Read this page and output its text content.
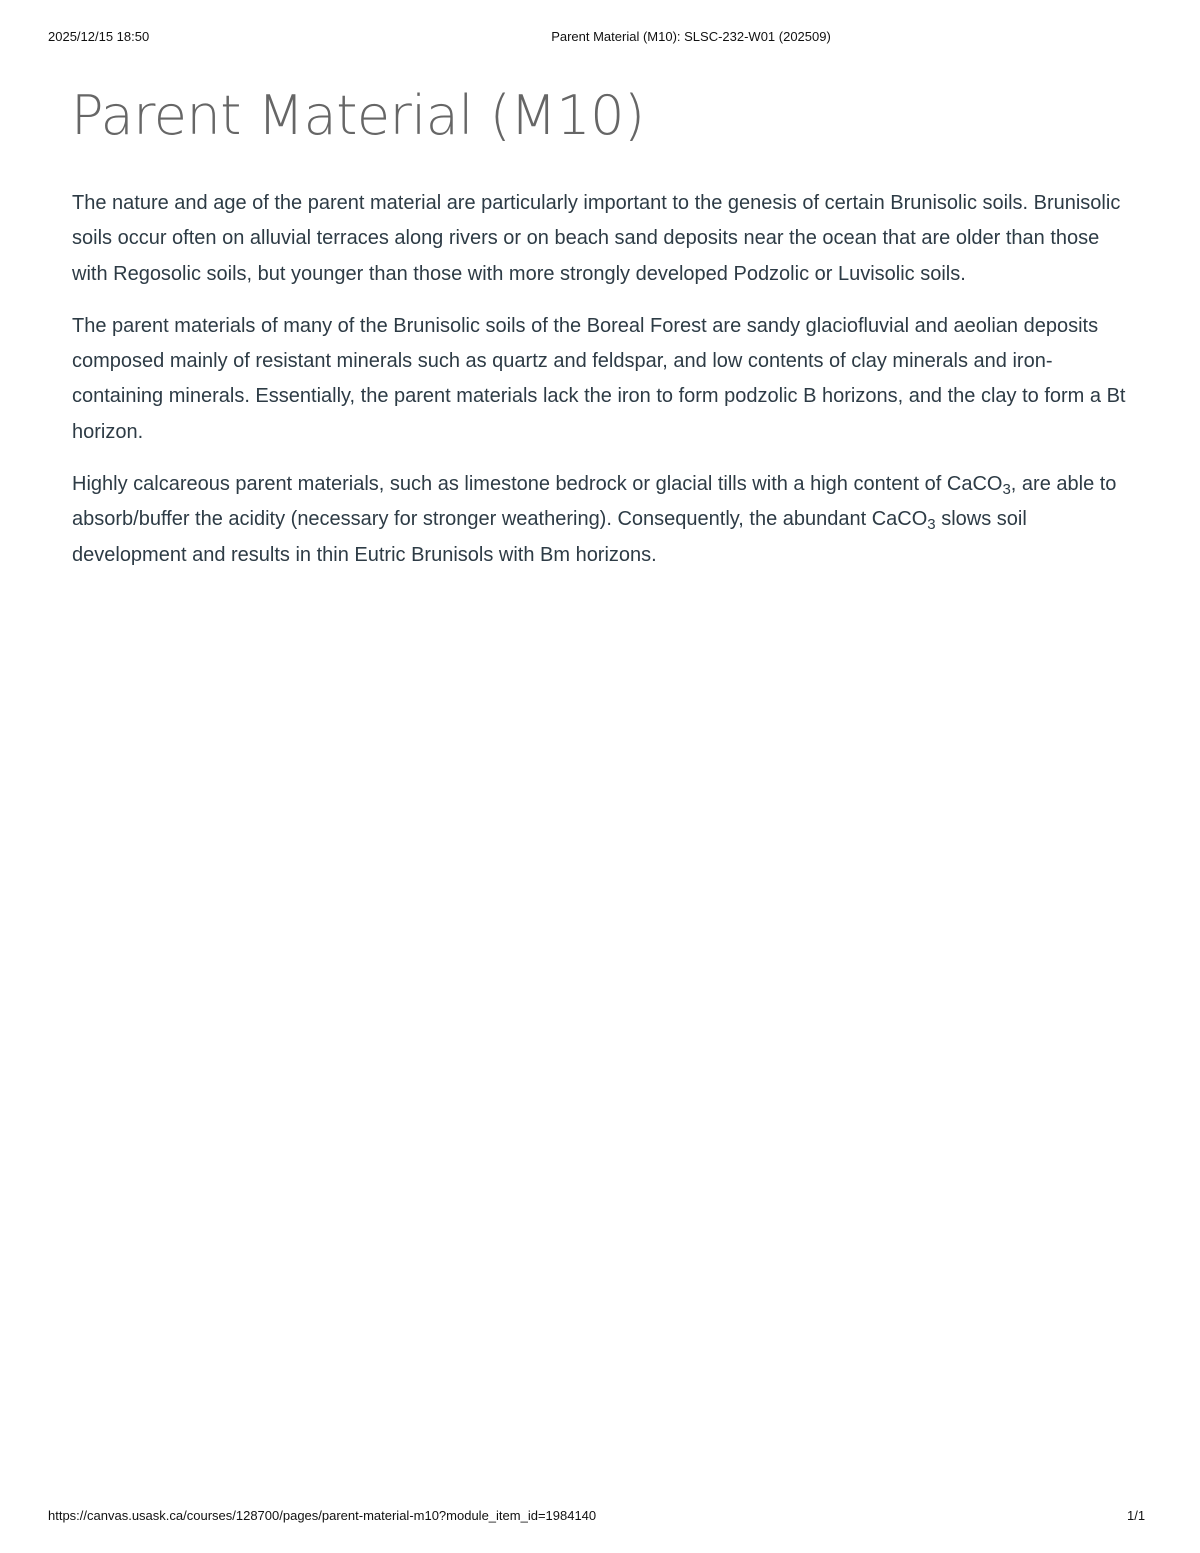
2025/12/15 18:50	Parent Material (M10): SLSC-232-W01 (202509)
Parent Material (M10)

The nature and age of the parent material are particularly important to the genesis of certain Brunisolic soils. Brunisolic soils occur often on alluvial terraces along rivers or on beach sand deposits near the ocean that are older than those with Regosolic soils, but younger than those with more strongly developed Podzolic or Luvisolic soils.

The parent materials of many of the Brunisolic soils of the Boreal Forest are sandy glaciofluvial and aeolian deposits composed mainly of resistant minerals such as quartz and feldspar, and low contents of clay minerals and iron-containing minerals. Essentially, the parent materials lack the iron to form podzolic B horizons, and the clay to form a Bt horizon.

Highly calcareous parent materials, such as limestone bedrock or glacial tills with a high content of CaCO$_3$, are able to absorb/buffer the acidity (necessary for stronger weathering). Consequently, the abundant CaCO$_3$ slows soil development and results in thin Eutric Brunisols with Bm horizons.

https://canvas.usask.ca/courses/128700/pages/parent-material-m10?module_item_id=1984140	1/1
